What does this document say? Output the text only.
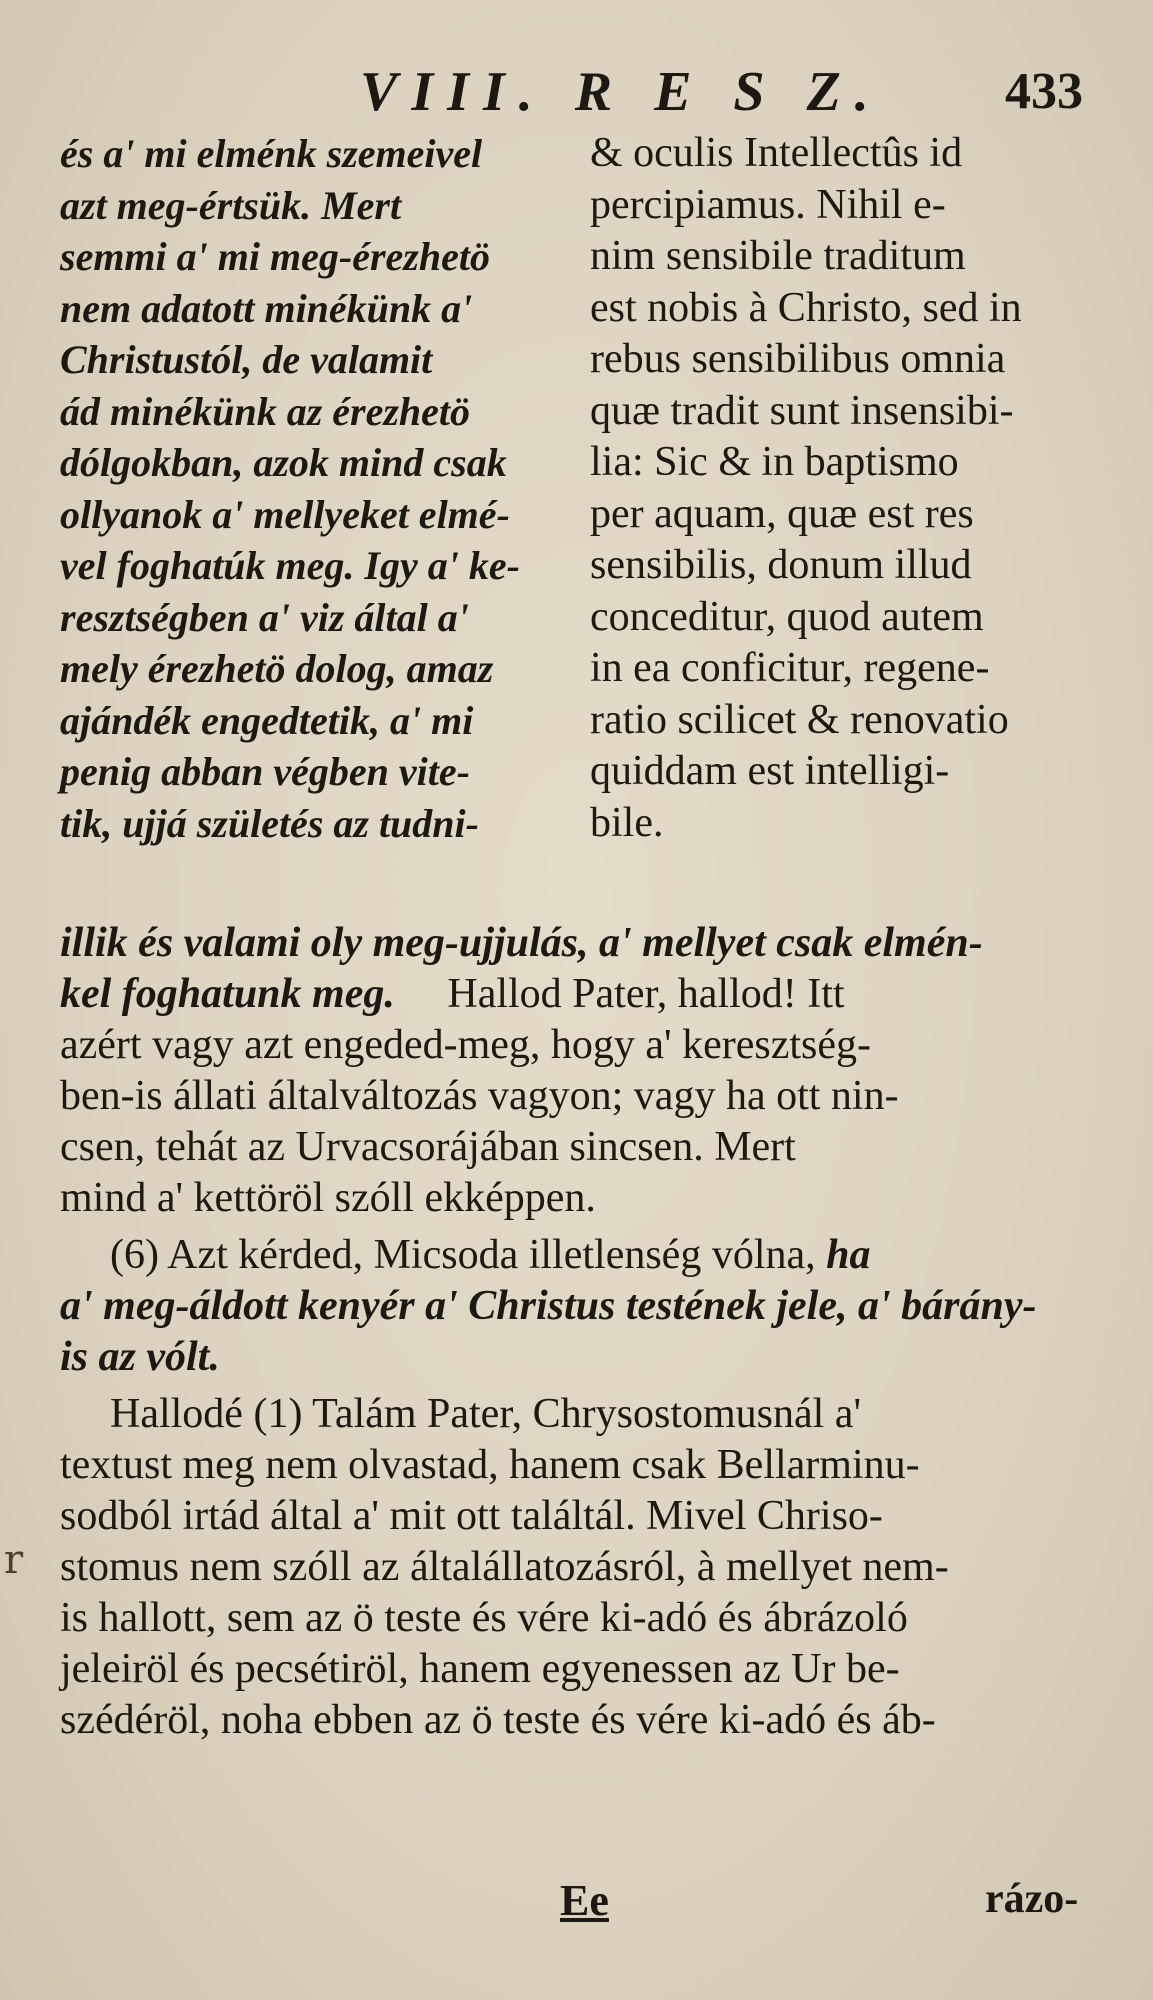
VIII. R E S Z. 433
és a' mi elménk szemeivel
azt meg-értsük. Mert
semmi a' mi meg-érezhetö
nem adatott minékünk a'
Christustól, de valamit
ád minékünk az érezhetö
dólgokban, azok mind csak
ollyanok a' mellyeket elmé-
vel foghatúk meg. Igy a' ke-
resztségben a' viz által a'
mely érezhetö dolog, amaz
ajándék engedtetik, a' mi
penig abban végben vite-
tik, ujjá születés az tudni-
& oculis Intellectûs id
percipiamus. Nihil e-
nim sensibile traditum
est nobis à Christo, sed in
rebus sensibilibus omnia
quæ tradit sunt insensibi-
lia: Sic & in baptismo
per aquam, quæ est res
sensibilis, donum illud
conceditur, quod autem
in ea conficitur, regene-
ratio scilicet & renovatio
quiddam est intelligi-
bile.
illik és valami oly meg-ujjulás, a' mellyet csak elmén-
kel foghatunk meg. Hallod Pater, hallod! Itt
azért vagy azt engeded-meg, hogy a' keresztség-
ben-is állati általváltozás vagyon; vagy ha ott nin-
csen, tehát az Urvacsorájában sincsen. Mert
mind a' kettöröl szóll ekképpen.
(6) Azt kérded, Micsoda illetlenség vólna, ha
a' meg-áldott kenyér a' Christus testének jele, a' bárány-
is az vólt.
Hallodé (1) Talám Pater, Chrysostomusnál a'
textust meg nem olvastad, hanem csak Bellarminu-
sodból irtád által a' mit ott találtál. Mivel Chriso-
stomus nem szóll az általállatozásról, à mellyet nem-
is hallott, sem az ö teste és vére ki-adó és ábrázoló
jeleiröl és pecsétiröl, hanem egyenessen az Ur be-
szédéröl, noha ebben az ö teste és vére ki-adó és áb-
r
Ee	rázo-
